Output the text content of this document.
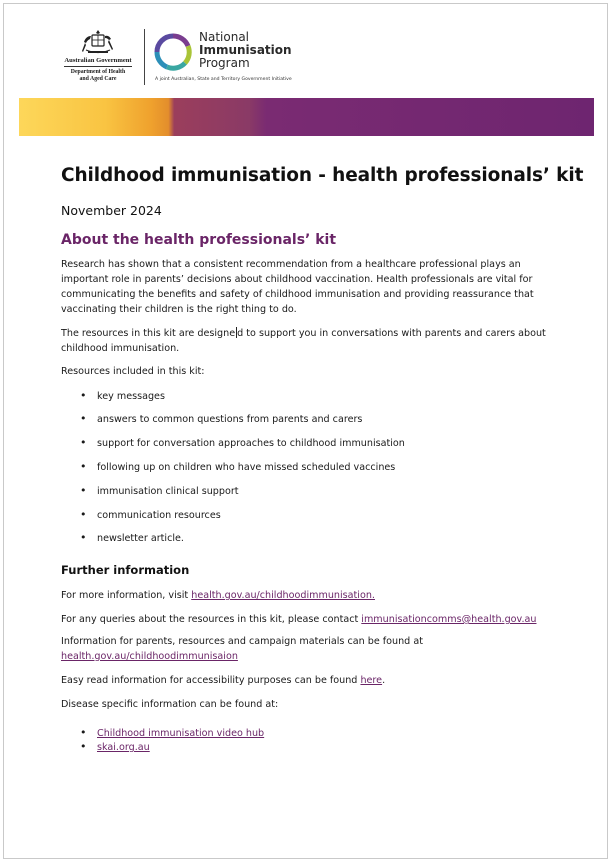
Australian Government
Department of Health
and Aged Care
National
Immunisation
Program
A joint Australian, State and Territory Government Initiative
Childhood immunisation - health professionals’ kit
November 2024
About the health professionals’ kit

Research has shown that a consistent recommendation from a healthcare professional plays an important role in parents’ decisions about childhood vaccination. Health professionals are vital for communicating the benefits and safety of childhood immunisation and providing reassurance that vaccinating their children is the right thing to do.

The resources in this kit are designe d to support you in conversations with parents and carers about childhood immunisation.

Resources included in this kit:

• key messages
• answers to common questions from parents and carers
• support for conversation approaches to childhood immunisation
• following up on children who have missed scheduled vaccines
• immunisation clinical support
• communication resources
• newsletter article.
Further information

For more information, visit health.gov.au/childhoodimmunisation.

For any queries about the resources in this kit, please contact immunisationcomms@health.gov.au

Information for parents, resources and campaign materials can be found at
health.gov.au/childhoodimmunisaion

Easy read information for accessibility purposes can be found here.

Disease specific information can be found at:

• Childhood immunisation video hub
• skai.org.au
